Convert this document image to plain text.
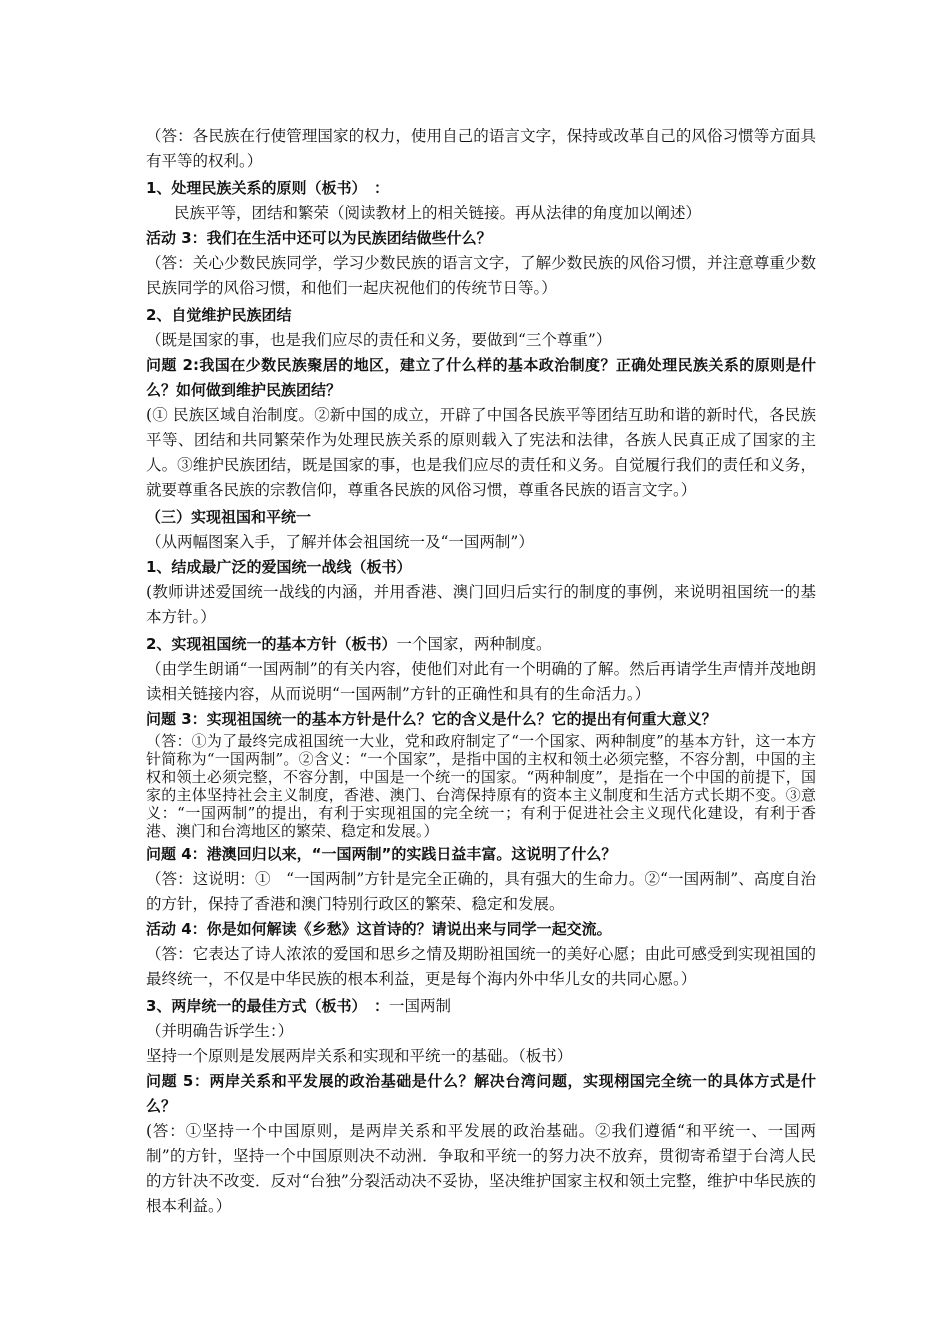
（答：各民族在行使管理国家的权力，使用自己的语言文字，保持或改革自己的风俗习惯等方面具有平等的权利。）

1、处理民族关系的原则（板书）　：

民族平等，团结和繁荣（阅读教材上的相关链接。再从法律的角度加以阐述）

活动 3：我们在生活中还可以为民族团结做些什么？

（答：关心少数民族同学，学习少数民族的语言文字，了解少数民族的风俗习惯，并注意尊重少数民族同学的风俗习惯，和他们一起庆祝他们的传统节日等。）

2、自觉维护民族团结

（既是国家的事，也是我们应尽的责任和义务，要做到“三个尊重”）

问题 2:我国在少数民族聚居的地区，建立了什么样的基本政治制度？正确处理民族关系的原则是什么？如何做到维护民族团结？

(① 民族区域自治制度。②新中国的成立，开辟了中国各民族平等团结互助和谐的新时代，各民族平等、团结和共同繁荣作为处理民族关系的原则载入了宪法和法律，各族人民真正成了国家的主人。③维护民族团结，既是国家的事，也是我们应尽的责任和义务。自觉履行我们的责任和义务，就要尊重各民族的宗教信仰，尊重各民族的风俗习惯，尊重各民族的语言文字。）

（三）实现祖国和平统一

（从两幅图案入手，了解并体会祖国统一及“一国两制”）

1、结成最广泛的爱国统一战线（板书）

(教师讲述爱国统一战线的内涵，并用香港、澳门回归后实行的制度的事例，来说明祖国统一的基本方针。）

2、实现祖国统一的基本方针（板书）一个国家，两种制度。

（由学生朗诵“一国两制”的有关内容，使他们对此有一个明确的了解。然后再请学生声情并茂地朗读相关链接内容，从而说明“一国两制”方针的正确性和具有的生命活力。）

问题 3：实现祖国统一的基本方针是什么？它的含义是什么？它的提出有何重大意义？

（答：①为了最终完成祖国统一大业，党和政府制定了“一个国家、两种制度”的基本方针，这一本方针简称为“一国两制”。②含义：“一个国家”，是指中国的主权和领土必须完整，不容分割，中国的主权和领土必须完整，不容分割，中国是一个统一的国家。“两种制度”，是指在一个中国的前提下，国家的主体坚持社会主义制度，香港、澳门、台湾保持原有的资本主义制度和生活方式长期不变。③意义：“一国两制”的提出，有利于实现祖国的完全统一；有利于促进社会主义现代化建设，有利于香港、澳门和台湾地区的繁荣、稳定和发展。）

问题 4：港澳回归以来，“一国两制”的实践日益丰富。这说明了什么？

（答：这说明：①　“一国两制”方针是完全正确的，具有强大的生命力。②“一国两制”、高度自治的方针，保持了香港和澳门特别行政区的繁荣、稳定和发展。

活动 4：你是如何解读《乡愁》这首诗的？请说出来与同学一起交流。

（答：它表达了诗人浓浓的爱国和思乡之情及期盼祖国统一的美好心愿；由此可感受到实现祖国的最终统一，不仅是中华民族的根本利益，更是每个海内外中华儿女的共同心愿。）

3、两岸统一的最佳方式（板书）　：一国两制

（并明确告诉学生：）

坚持一个原则是发展两岸关系和实现和平统一的基础。（板书）

问题 5：两岸关系和平发展的政治基础是什么？解决台湾问题，实现栩国完全统一的具体方式是什么？

(答：①坚持一个中国原则，是两岸关系和平发展的政治基础。②我们遵循“和平统一、一国两制”的方针，坚持一个中国原则决不动洲．争取和平统一的努力决不放弃，贯彻寄希望于台湾人民的方针决不改变．反对“台独”分裂活动决不妥协，坚决维护国家主权和领土完整，维护中华民族的根本利益。）
